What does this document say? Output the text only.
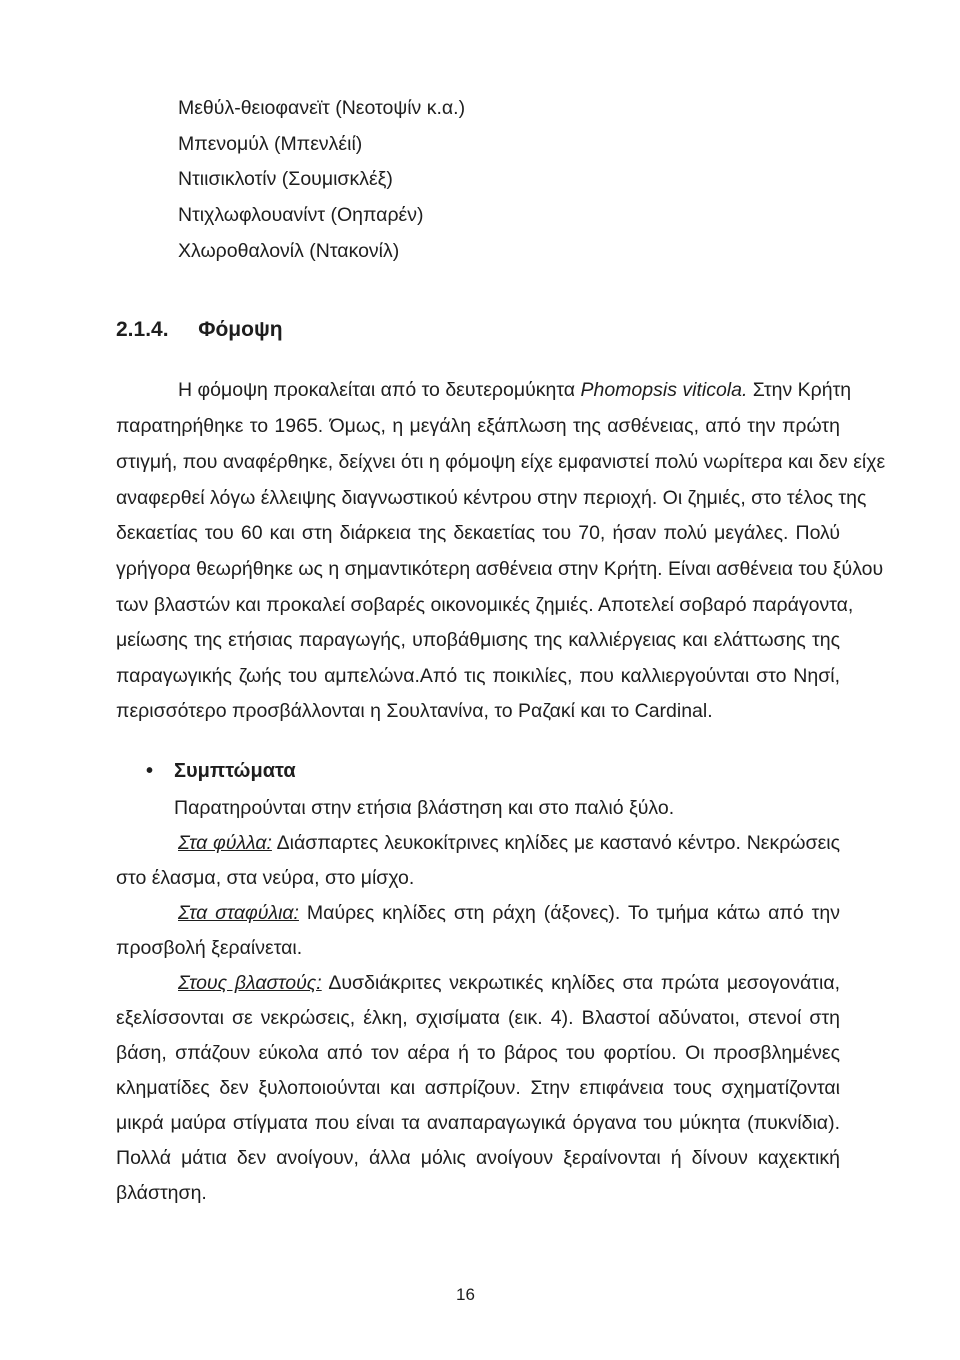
Μεθύλ-θειοφανεϊτ (Νεοτοψίν κ.α.)
Μπενομύλ (Μπενλέιί)
Ντιισικλοτίν (Σουμισκλέξ)
Ντιχλωφλουανίντ (Οηπαρέν)
Χλωροθαλονίλ (Ντακονίλ)
2.1.4. Φόμοψη
Η φόμοψη προκαλείται από το δευτερομύκητα Phomopsis viticola. Στην Κρήτη
παρατηρήθηκε το 1965. Όμως, η μεγάλη εξάπλωση της ασθένειας, από την πρώτη
στιγμή, που αναφέρθηκε, δείχνει ότι η φόμοψη είχε εμφανιστεί πολύ νωρίτερα και δεν είχε
αναφερθεί λόγω έλλειψης διαγνωστικού κέντρου στην περιοχή. Οι ζημιές, στο τέλος της
δεκαετίας του 60 και στη διάρκεια της δεκαετίας του 70, ήσαν πολύ μεγάλες. Πολύ
γρήγορα θεωρήθηκε ως η σημαντικότερη ασθένεια στην Κρήτη. Είναι ασθένεια του ξύλου
των βλαστών και προκαλεί σοβαρές οικονομικές ζημιές. Αποτελεί σοβαρό παράγοντα,
μείωσης της ετήσιας παραγωγής, υποβάθμισης της καλλιέργειας και ελάττωσης της
παραγωγικής ζωής του αμπελώνα.Από τις ποικιλίες, που καλλιεργούνται στο Νησί,
περισσότερο προσβάλλονται η Σουλτανίνα, το Ραζακί και το Cardinal.
• Συμπτώματα
Παρατηρούνται στην ετήσια βλάστηση και στο παλιό ξύλο.
Στα φύλλα: Διάσπαρτες λευκοκίτρινες κηλίδες με καστανό κέντρο. Νεκρώσεις
στο έλασμα, στα νεύρα, στο μίσχο.
Στα σταφύλια: Μαύρες κηλίδες στη ράχη (άξονες). Το τμήμα κάτω από την
προσβολή ξεραίνεται.
Στους βλαστούς: Δυσδιάκριτες νεκρωτικές κηλίδες στα πρώτα μεσογονάτια,
εξελίσσονται σε νεκρώσεις, έλκη, σχισίματα (εικ. 4). Βλαστοί αδύνατοι, στενοί στη
βάση, σπάζουν εύκολα από τον αέρα ή το βάρος του φορτίου. Οι προσβλημένες
κληματίδες δεν ξυλοποιούνται και ασπρίζουν. Στην επιφάνεια τους σχηματίζονται
μικρά μαύρα στίγματα που είναι τα αναπαραγωγικά όργανα του μύκητα (πυκνίδια).
Πολλά μάτια δεν ανοίγουν, άλλα μόλις ανοίγουν ξεραίνονται ή δίνουν καχεκτική
βλάστηση.
16
